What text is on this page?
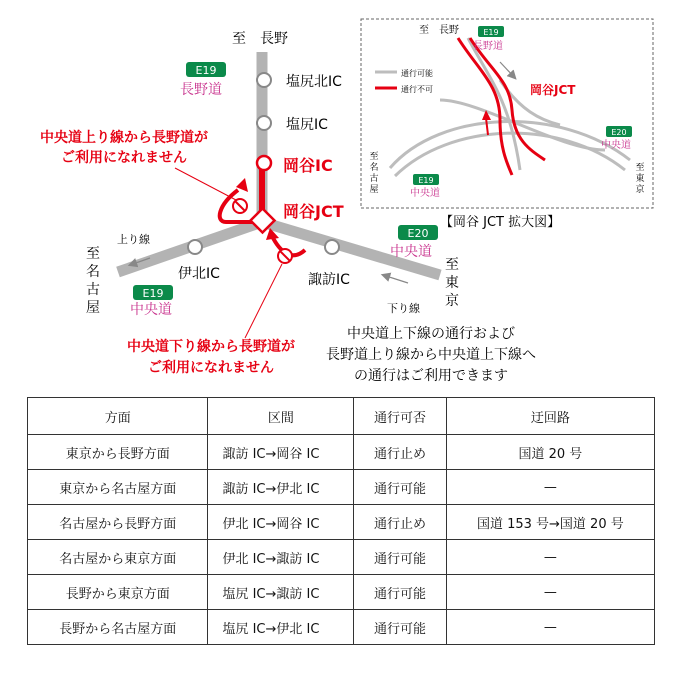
至　長野
E19
長野道	塩尻北IC
塩尻IC
岡谷IC
岡谷JCT
伊北IC	諏訪IC
E20
中央道
E19
中央道
上り線
下り線
至
名
古
屋
至
東
京
中央道上り線から長野道が
ご利用になれません
中央道下り線から長野道が
ご利用になれません
中央道上下線の通行および
長野道上り線から中央道上下線へ
の通行はご利用できます
通行可能
通行不可
至　長野	E19
長野道
岡谷JCT
E20
中央道
至
名
古
屋
E19
中央道
至
東
京
【岡谷 JCT 拡大図】
方面	区間	通行可否	迂回路
東京から長野方面	諏訪 IC→岡谷 IC	通行止め	国道 20 号
東京から名古屋方面	諏訪 IC→伊北 IC	通行可能	—
名古屋から長野方面	伊北 IC→岡谷 IC	通行止め	国道 153 号→国道 20 号
名古屋から東京方面	伊北 IC→諏訪 IC	通行可能	—
長野から東京方面	塩尻 IC→諏訪 IC	通行可能	—
長野から名古屋方面	塩尻 IC→伊北 IC	通行可能	—
